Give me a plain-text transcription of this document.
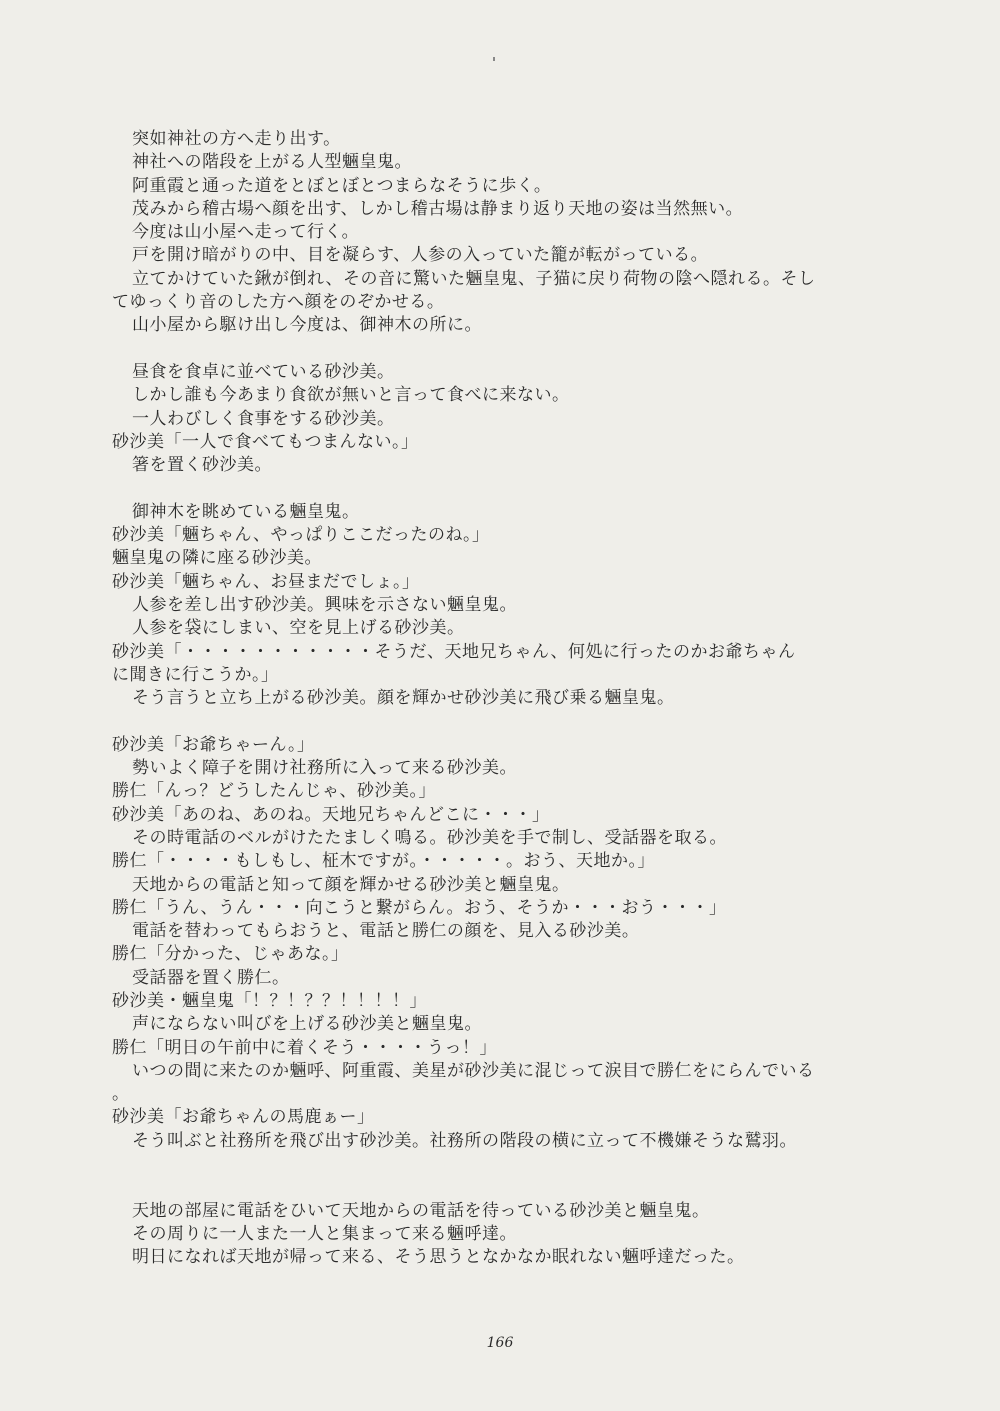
突如神社の方へ走り出す。
神社への階段を上がる人型魎皇鬼。
阿重霞と通った道をとぼとぼとつまらなそうに歩く。
茂みから稽古場へ顔を出す、しかし稽古場は静まり返り天地の姿は当然無い。
今度は山小屋へ走って行く。
戸を開け暗がりの中、目を凝らす、人参の入っていた籠が転がっている。
立てかけていた鍬が倒れ、その音に驚いた魎皇鬼、子猫に戻り荷物の陰へ隠れる。そし
てゆっくり音のした方へ顔をのぞかせる。
山小屋から駆け出し今度は、御神木の所に。
昼食を食卓に並べている砂沙美。
しかし誰も今あまり食欲が無いと言って食べに来ない。
一人わびしく食事をする砂沙美。
砂沙美「一人で食べてもつまんない。」
箸を置く砂沙美。
御神木を眺めている魎皇鬼。
砂沙美「魎ちゃん、やっぱりここだったのね。」
魎皇鬼の隣に座る砂沙美。
砂沙美「魎ちゃん、お昼まだでしょ。」
人参を差し出す砂沙美。興味を示さない魎皇鬼。
人参を袋にしまい、空を見上げる砂沙美。
砂沙美「・・・・・・・・・・・そうだ、天地兄ちゃん、何処に行ったのかお爺ちゃん
に聞きに行こうか。」
そう言うと立ち上がる砂沙美。顔を輝かせ砂沙美に飛び乗る魎皇鬼。
砂沙美「お爺ちゃーん。」
勢いよく障子を開け社務所に入って来る砂沙美。
勝仁「んっ？どうしたんじゃ、砂沙美。」
砂沙美「あのね、あのね。天地兄ちゃんどこに・・・」
その時電話のベルがけたたましく鳴る。砂沙美を手で制し、受話器を取る。
勝仁「・・・・もしもし、柾木ですが。・・・・・。おう、天地か。」
天地からの電話と知って顔を輝かせる砂沙美と魎皇鬼。
勝仁「うん、うん・・・向こうと繋がらん。おう、そうか・・・おう・・・」
電話を替わってもらおうと、電話と勝仁の顔を、見入る砂沙美。
勝仁「分かった、じゃあな。」
受話器を置く勝仁。
砂沙美・魎皇鬼「！？！？？！！！！」
声にならない叫びを上げる砂沙美と魎皇鬼。
勝仁「明日の午前中に着くそう・・・・うっ！」
いつの間に来たのか魎呼、阿重霞、美星が砂沙美に混じって涙目で勝仁をにらんでいる
。
砂沙美「お爺ちゃんの馬鹿ぁー」
そう叫ぶと社務所を飛び出す砂沙美。社務所の階段の横に立って不機嫌そうな鷲羽。
天地の部屋に電話をひいて天地からの電話を待っている砂沙美と魎皇鬼。
その周りに一人また一人と集まって来る魎呼達。
明日になれば天地が帰って来る、そう思うとなかなか眠れない魎呼達だった。
166
